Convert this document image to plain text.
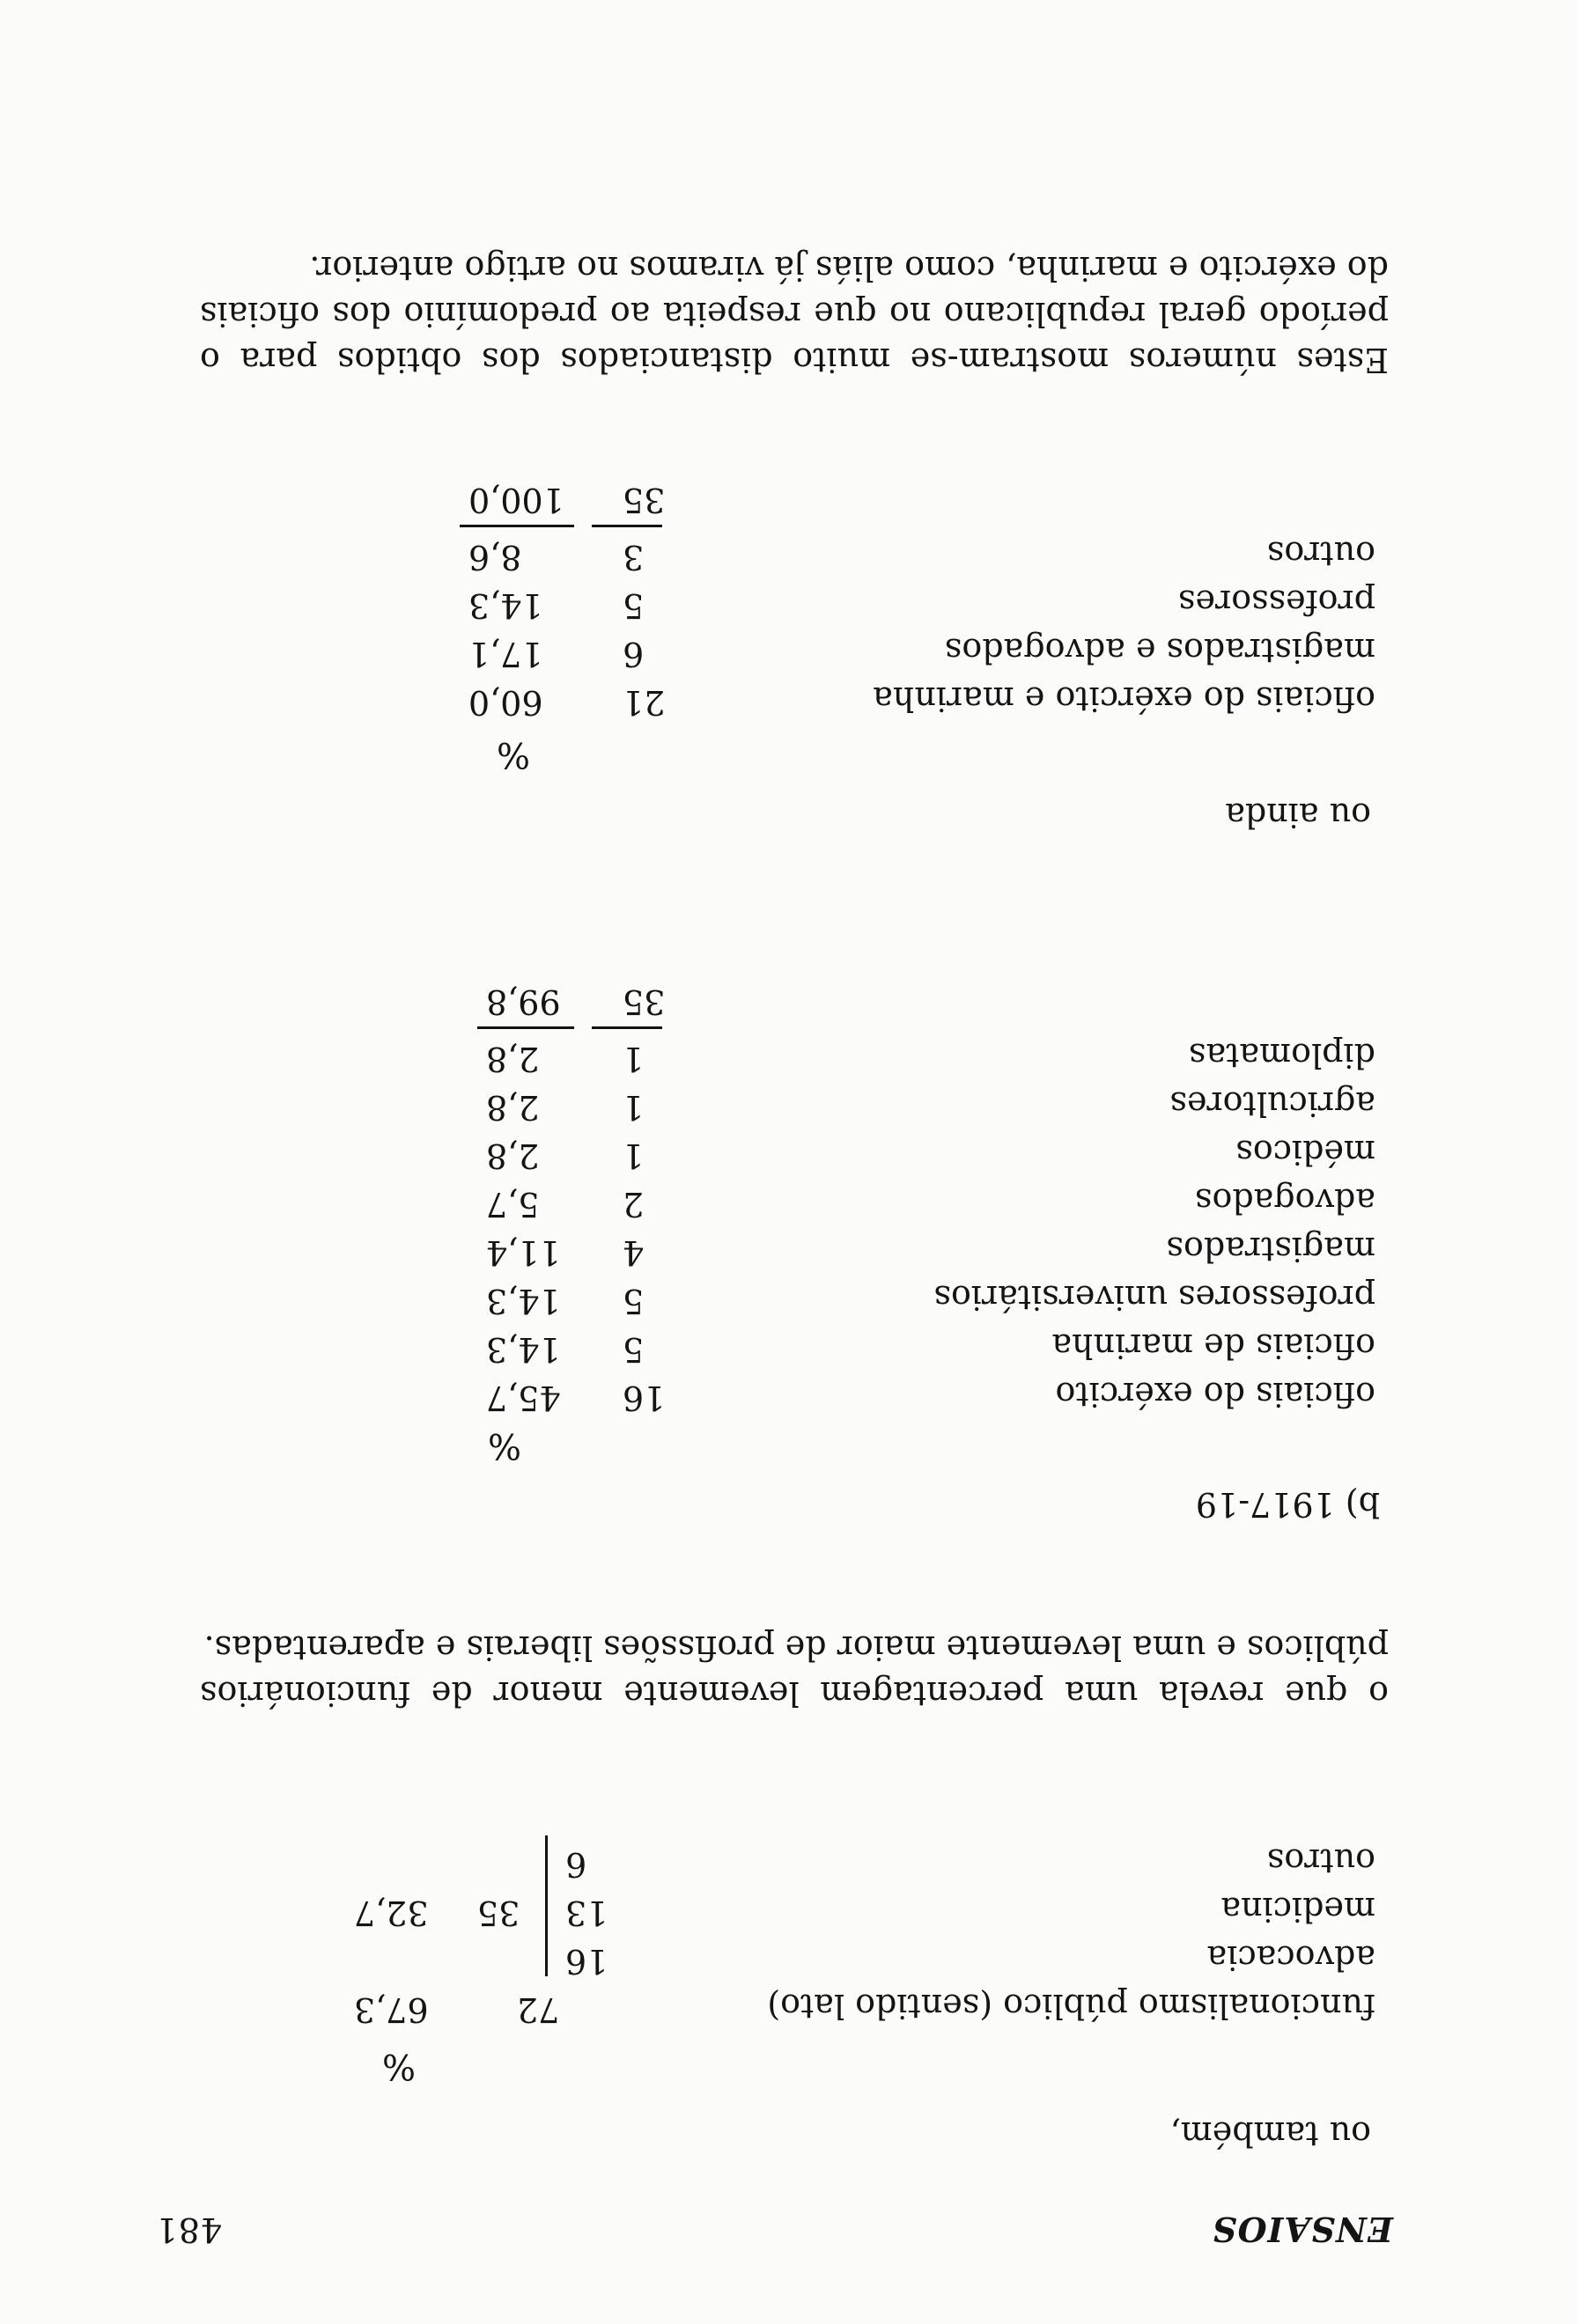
ENSAIOS
481
ou também,
%
funcionalismo público (sentido lato)
72
67,3
advocacia
16
medicina
13
outros
6
35
32,7
o que revela uma percentagem levemente menor de funcionários públicos e uma levemente maior de profissões liberais e aparentadas.
b) 1917-19
%
oficiais do exército
16
45,7
oficiais de marinha
5
14,3
professores universitários
5
14,3
magistrados
4
11,4
advogados
2
5,7
médicos
1
2,8
agricultores
1
2,8
diplomatas
1
2,8
35
99,8
ou ainda
%
oficiais do exército e marinha
21
60,0
magistrados e advogados
6
17,1
professores
5
14,3
outros
3
8,6
35
100,0
Estes números mostram-se muito distanciados dos obtidos para o período geral republicano no que respeita ao predomínio dos oficiais do exército e marinha, como aliás já viramos no artigo anterior.
